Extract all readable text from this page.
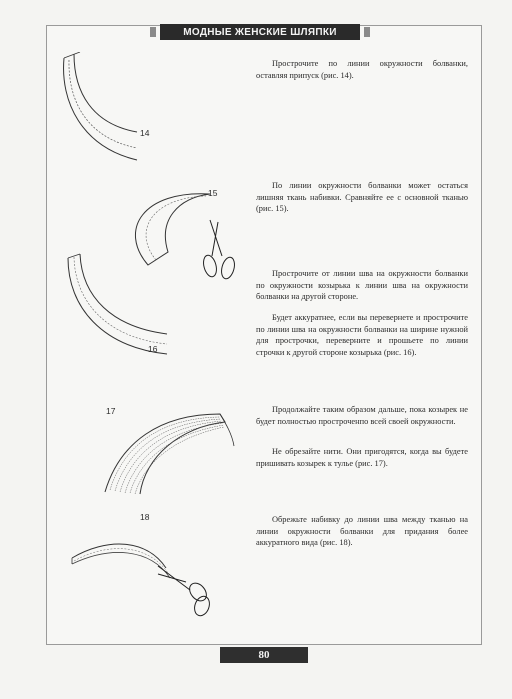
МОДНЫЕ ЖЕНСКИЕ ШЛЯПКИ
14
15
16
17
18

Прострочите по линии окружности болванки, оставляя припуск (рис. 14).

По линии окружности болванки может остаться лишняя ткань набивки. Сравняйте ее с основной тканью (рис. 15).

Прострочите от линии шва на окружности болванки по окружности козырька к линии шва на окружности болванки на другой стороне.

Будет аккуратнее, если вы перевернете и прострочите по линии шва на окружности болванки на ширине нужной для прострочки, переверните и прошьете по линии строчки к другой стороне козырька (рис. 16).

Продолжайте таким образом дальше, пока козырек не будет полностью простроченпо всей своей окружности.

Не обрезайте нити. Они пригодятся, когда вы будете пришивать козырек к тулье (рис. 17).

Обрежьте набивку до линии шва между тканью на линии окружности болванки для придания более аккуратного вида (рис. 18).

80
